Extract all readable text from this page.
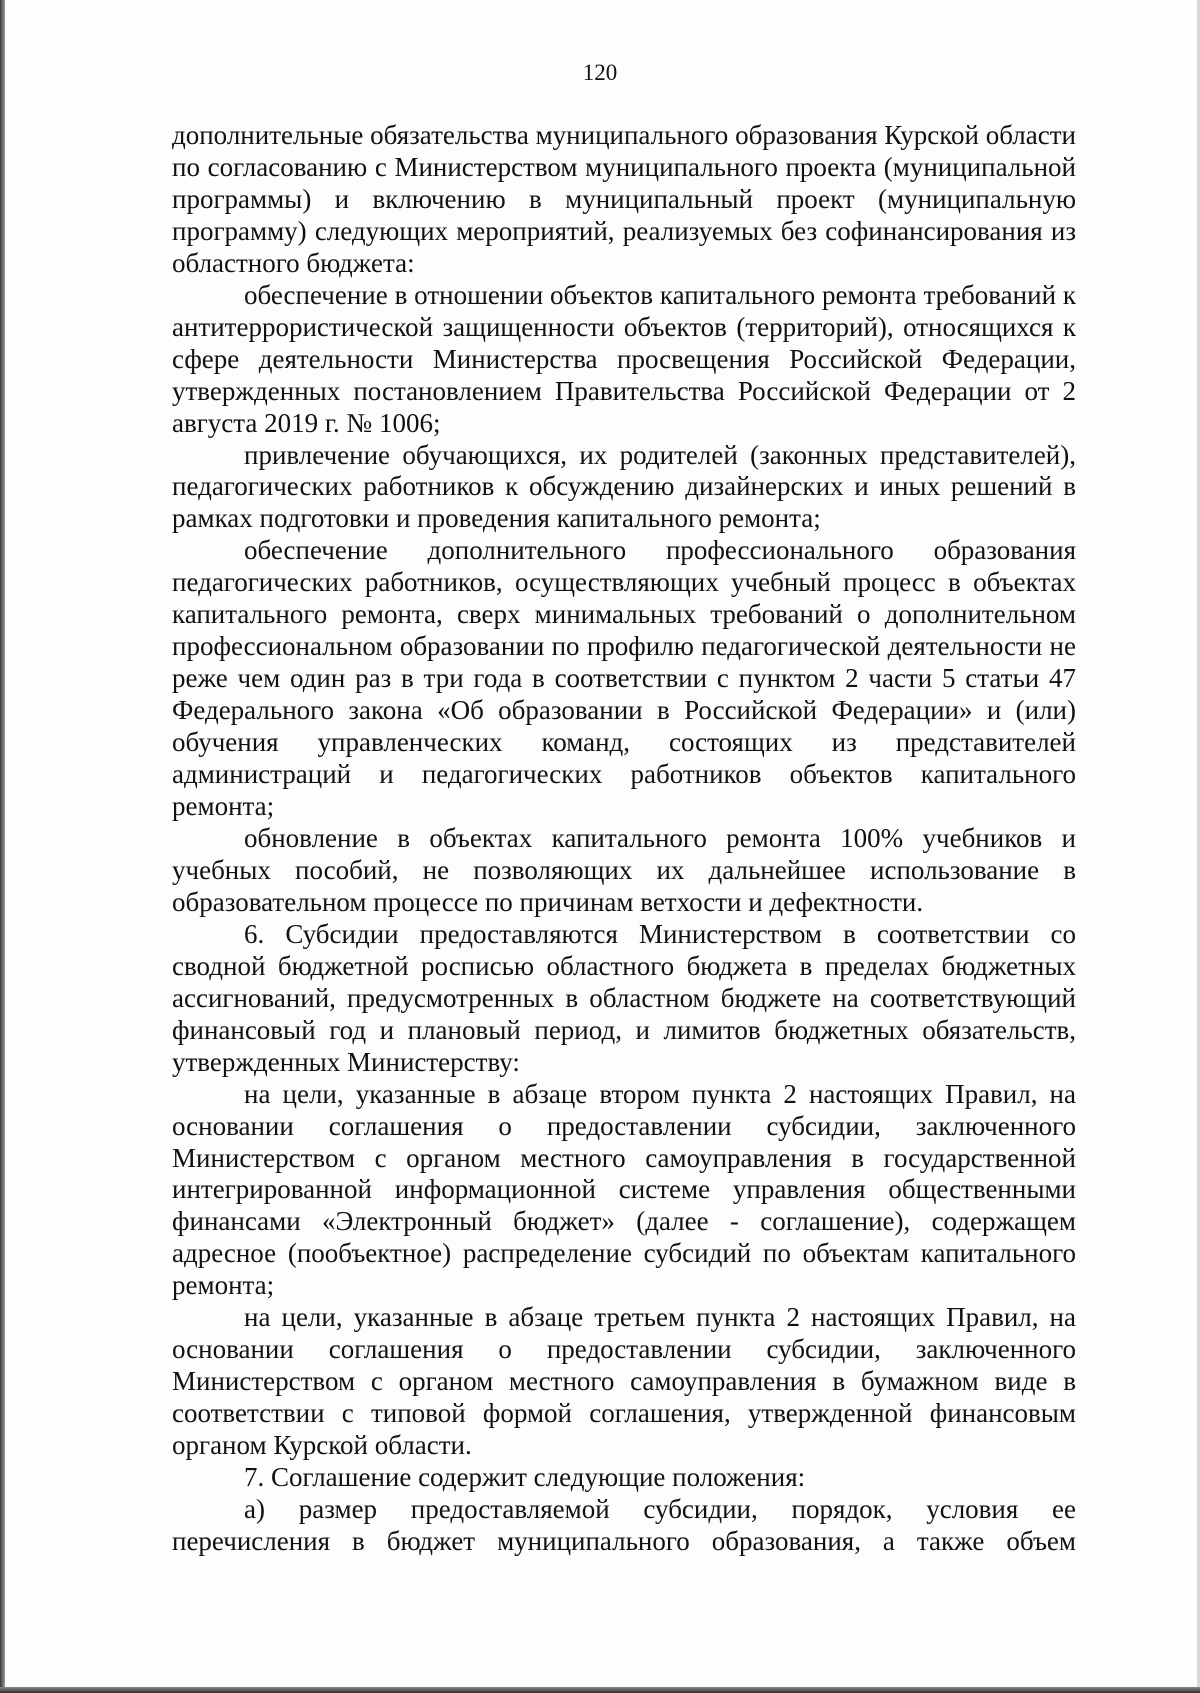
120

дополнительные обязательства муниципального образования Курской области по согласованию с Министерством муниципального проекта (муниципальной программы) и включению в муниципальный проект (муниципальную программу) следующих мероприятий, реализуемых без софинансирования из областного бюджета:

обеспечение в отношении объектов капитального ремонта требований к антитеррористической защищенности объектов (территорий), относящихся к сфере деятельности Министерства просвещения Российской Федерации, утвержденных постановлением Правительства Российской Федерации от 2 августа 2019 г. № 1006;

привлечение обучающихся, их родителей (законных представителей), педагогических работников к обсуждению дизайнерских и иных решений в рамках подготовки и проведения капитального ремонта;

обеспечение дополнительного профессионального образования педагогических работников, осуществляющих учебный процесс в объектах капитального ремонта, сверх минимальных требований о дополнительном профессиональном образовании по профилю педагогической деятельности не реже чем один раз в три года в соответствии с пунктом 2 части 5 статьи 47 Федерального закона «Об образовании в Российской Федерации» и (или) обучения управленческих команд, состоящих из представителей администраций и педагогических работников объектов капитального ремонта;

обновление в объектах капитального ремонта 100% учебников и учебных пособий, не позволяющих их дальнейшее использование в образовательном процессе по причинам ветхости и дефектности.

6. Субсидии предоставляются Министерством в соответствии со сводной бюджетной росписью областного бюджета в пределах бюджетных ассигнований, предусмотренных в областном бюджете на соответствующий финансовый год и плановый период, и лимитов бюджетных обязательств, утвержденных Министерству:

на цели, указанные в абзаце втором пункта 2 настоящих Правил, на основании соглашения о предоставлении субсидии, заключенного Министерством с органом местного самоуправления в государственной интегрированной информационной системе управления общественными финансами «Электронный бюджет» (далее - соглашение), содержащем адресное (пообъектное) распределение субсидий по объектам капитального ремонта;

на цели, указанные в абзаце третьем пункта 2 настоящих Правил, на основании соглашения о предоставлении субсидии, заключенного Министерством с органом местного самоуправления в бумажном виде в соответствии с типовой формой соглашения, утвержденной финансовым органом Курской области.

7. Соглашение содержит следующие положения:

а) размер предоставляемой субсидии, порядок, условия ее перечисления в бюджет муниципального образования, а также объем
